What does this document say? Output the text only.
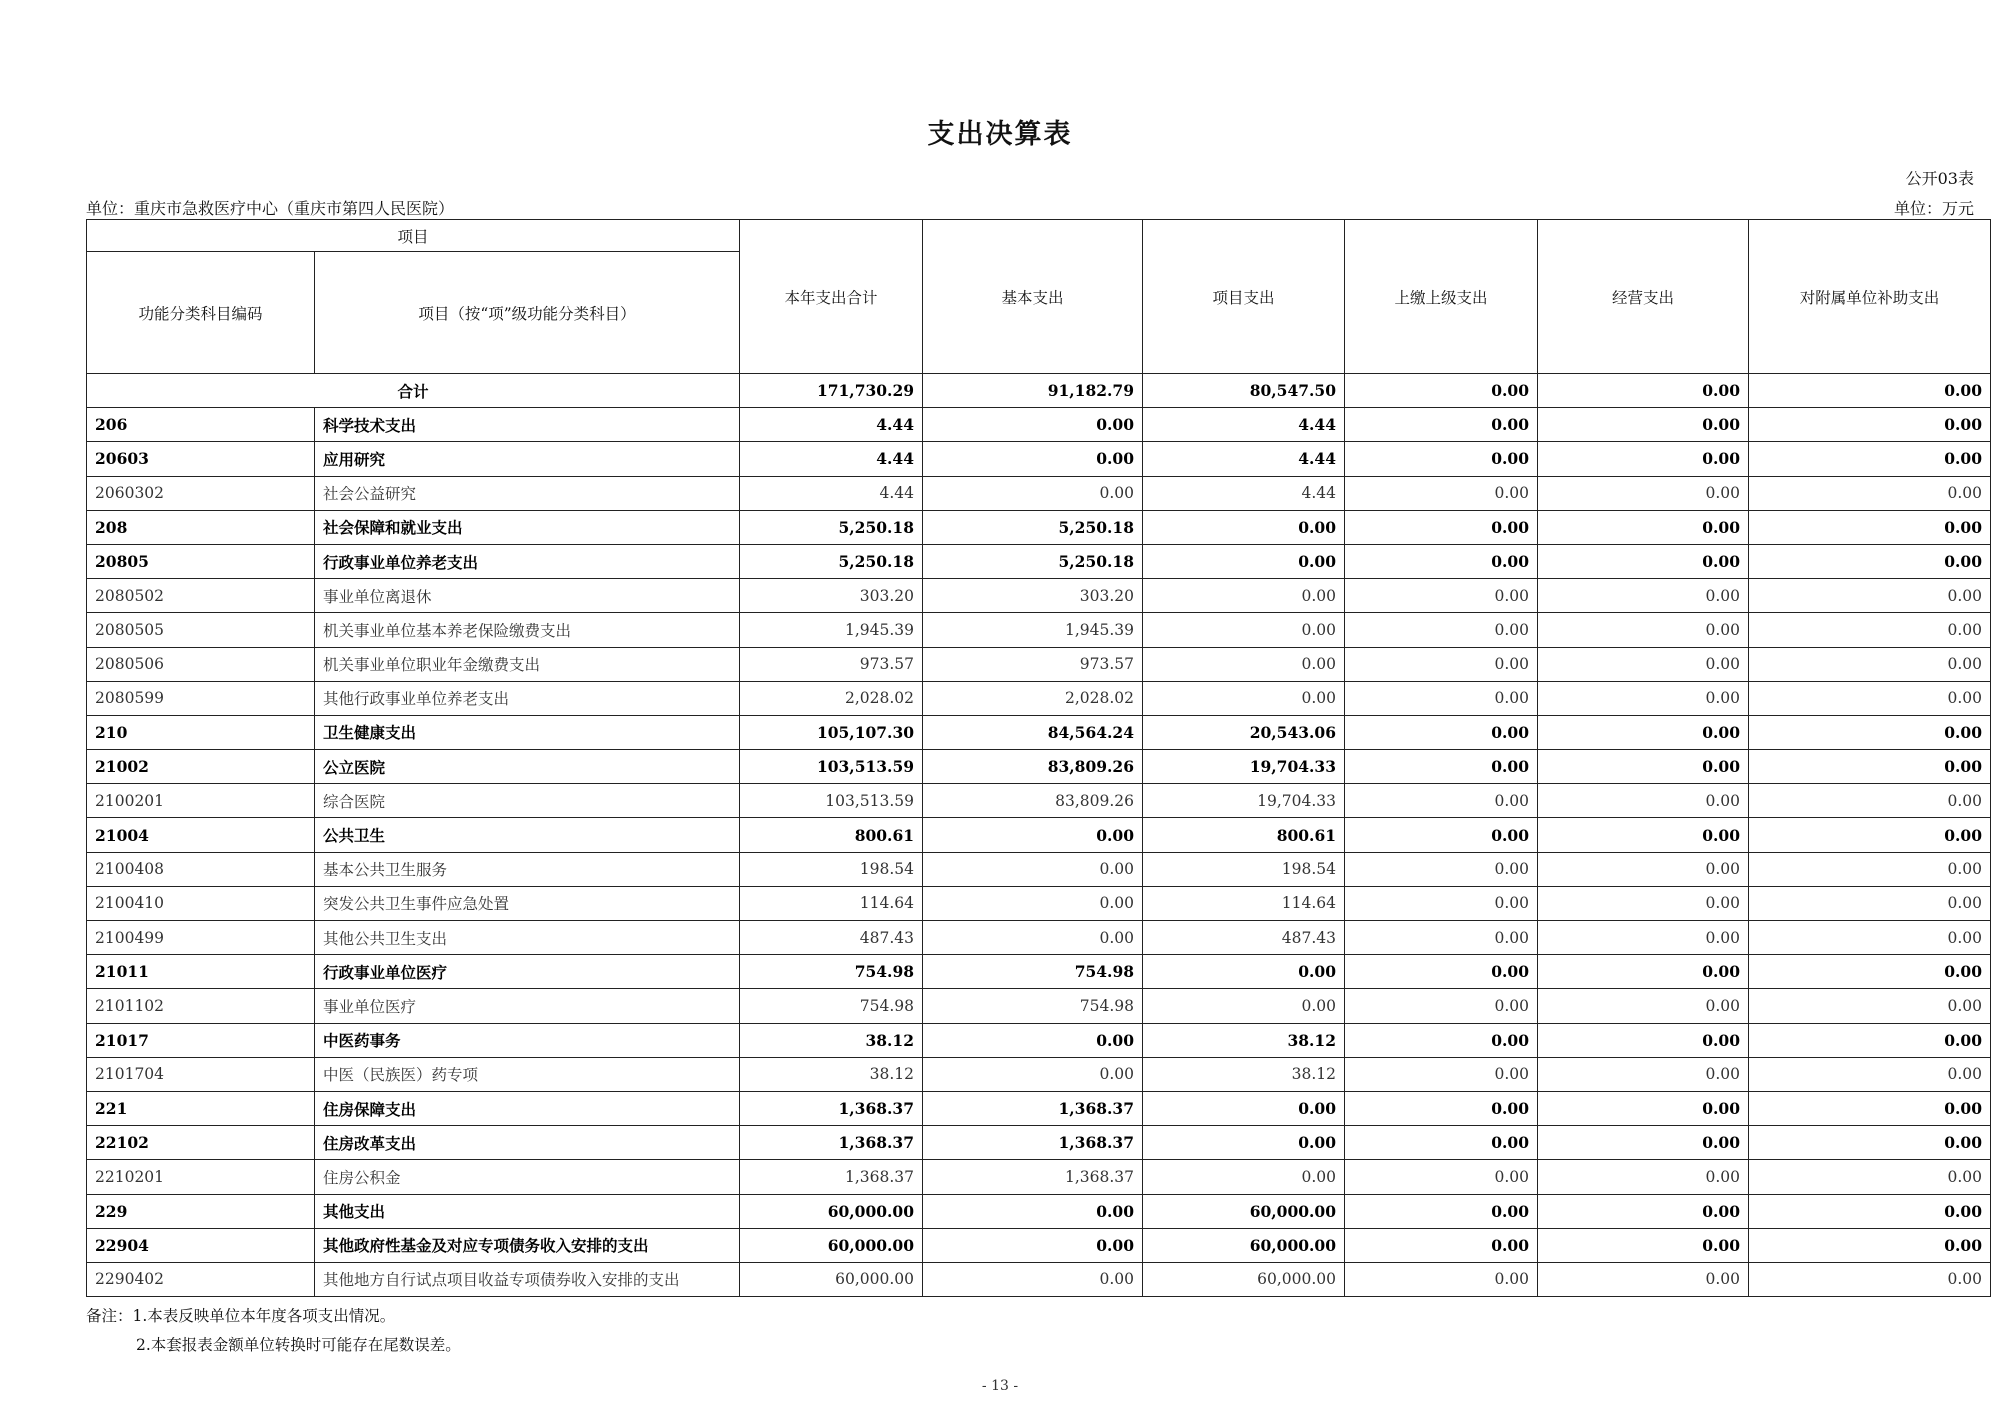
支出决算表
公开03表
单位：重庆市急救医疗中心（重庆市第四人民医院）	单位：万元
项目		本年支出合计	基本支出	项目支出	上缴上级支出	经营支出	对附属单位补助支出
功能分类科目编码	项目（按“项”级功能分类科目）						
合计		171,730.29	91,182.79	80,547.50	0.00	0.00	0.00
206	科学技术支出	4.44	0.00	4.44	0.00	0.00	0.00
20603	应用研究	4.44	0.00	4.44	0.00	0.00	0.00
2060302	社会公益研究	4.44	0.00	4.44	0.00	0.00	0.00
208	社会保障和就业支出	5,250.18	5,250.18	0.00	0.00	0.00	0.00
20805	行政事业单位养老支出	5,250.18	5,250.18	0.00	0.00	0.00	0.00
2080502	事业单位离退休	303.20	303.20	0.00	0.00	0.00	0.00
2080505	机关事业单位基本养老保险缴费支出	1,945.39	1,945.39	0.00	0.00	0.00	0.00
2080506	机关事业单位职业年金缴费支出	973.57	973.57	0.00	0.00	0.00	0.00
2080599	其他行政事业单位养老支出	2,028.02	2,028.02	0.00	0.00	0.00	0.00
210	卫生健康支出	105,107.30	84,564.24	20,543.06	0.00	0.00	0.00
21002	公立医院	103,513.59	83,809.26	19,704.33	0.00	0.00	0.00
2100201	综合医院	103,513.59	83,809.26	19,704.33	0.00	0.00	0.00
21004	公共卫生	800.61	0.00	800.61	0.00	0.00	0.00
2100408	基本公共卫生服务	198.54	0.00	198.54	0.00	0.00	0.00
2100410	突发公共卫生事件应急处置	114.64	0.00	114.64	0.00	0.00	0.00
2100499	其他公共卫生支出	487.43	0.00	487.43	0.00	0.00	0.00
21011	行政事业单位医疗	754.98	754.98	0.00	0.00	0.00	0.00
2101102	事业单位医疗	754.98	754.98	0.00	0.00	0.00	0.00
21017	中医药事务	38.12	0.00	38.12	0.00	0.00	0.00
2101704	中医（民族医）药专项	38.12	0.00	38.12	0.00	0.00	0.00
221	住房保障支出	1,368.37	1,368.37	0.00	0.00	0.00	0.00
22102	住房改革支出	1,368.37	1,368.37	0.00	0.00	0.00	0.00
2210201	住房公积金	1,368.37	1,368.37	0.00	0.00	0.00	0.00
229	其他支出	60,000.00	0.00	60,000.00	0.00	0.00	0.00
22904	其他政府性基金及对应专项债务收入安排的支出	60,000.00	0.00	60,000.00	0.00	0.00	0.00
2290402	其他地方自行试点项目收益专项债券收入安排的支出	60,000.00	0.00	60,000.00	0.00	0.00	0.00
备注：1.本表反映单位本年度各项支出情况。
2.本套报表金额单位转换时可能存在尾数误差。
- 13 -
